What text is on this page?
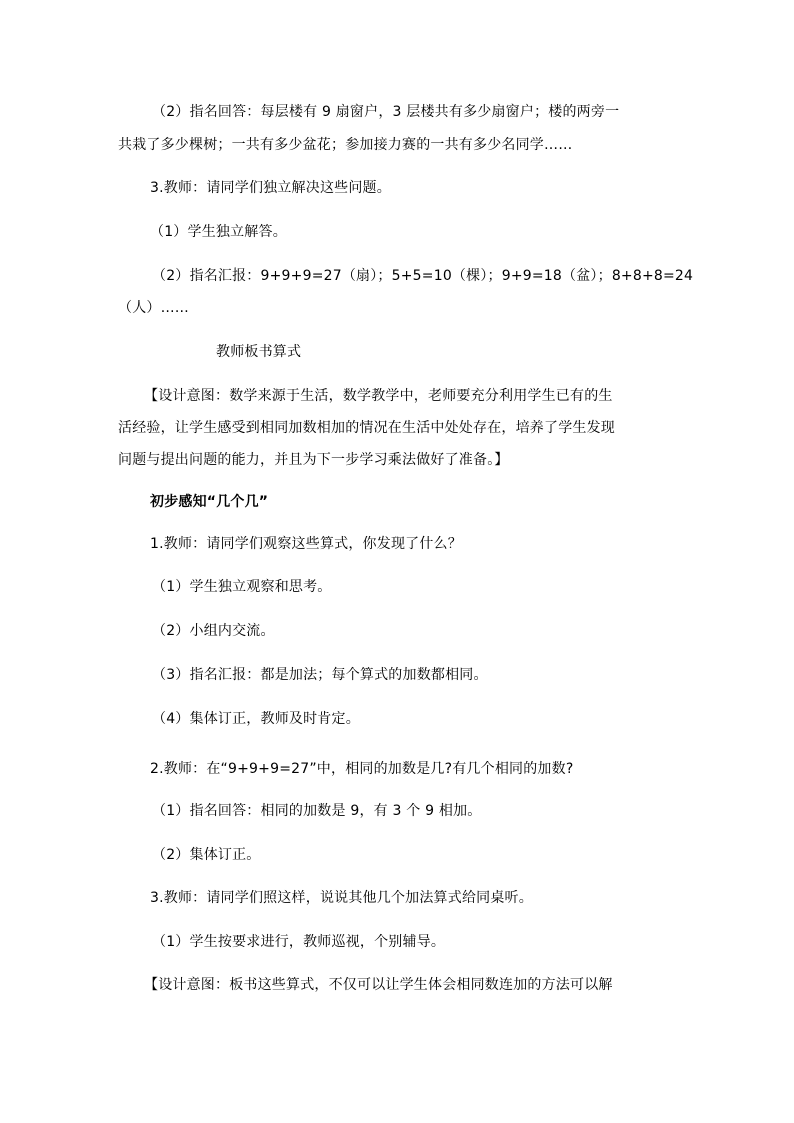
（2）指名回答：每层楼有 9 扇窗户，3 层楼共有多少扇窗户；楼的两旁一
共栽了多少棵树；一共有多少盆花；参加接力赛的一共有多少名同学……
3.教师：请同学们独立解决这些问题。
（1）学生独立解答。
（2）指名汇报：9+9+9=27（扇）；5+5=10（棵）；9+9=18（盆）；8+8+8=24
（人）……
教师板书算式
【设计意图：数学来源于生活，数学教学中，老师要充分利用学生已有的生
活经验，让学生感受到相同加数相加的情况在生活中处处存在，培养了学生发现
问题与提出问题的能力，并且为下一步学习乘法做好了准备。】
初步感知“几个几”
1.教师：请同学们观察这些算式，你发现了什么？
（1）学生独立观察和思考。
（2）小组内交流。
（3）指名汇报：都是加法；每个算式的加数都相同。
（4）集体订正，教师及时肯定。
2.教师：在“9+9+9=27”中，相同的加数是几?有几个相同的加数?
（1）指名回答：相同的加数是 9，有 3 个 9 相加。
（2）集体订正。
3.教师：请同学们照这样，说说其他几个加法算式给同桌听。
（1）学生按要求进行，教师巡视，个别辅导。
【设计意图：板书这些算式，不仅可以让学生体会相同数连加的方法可以解
